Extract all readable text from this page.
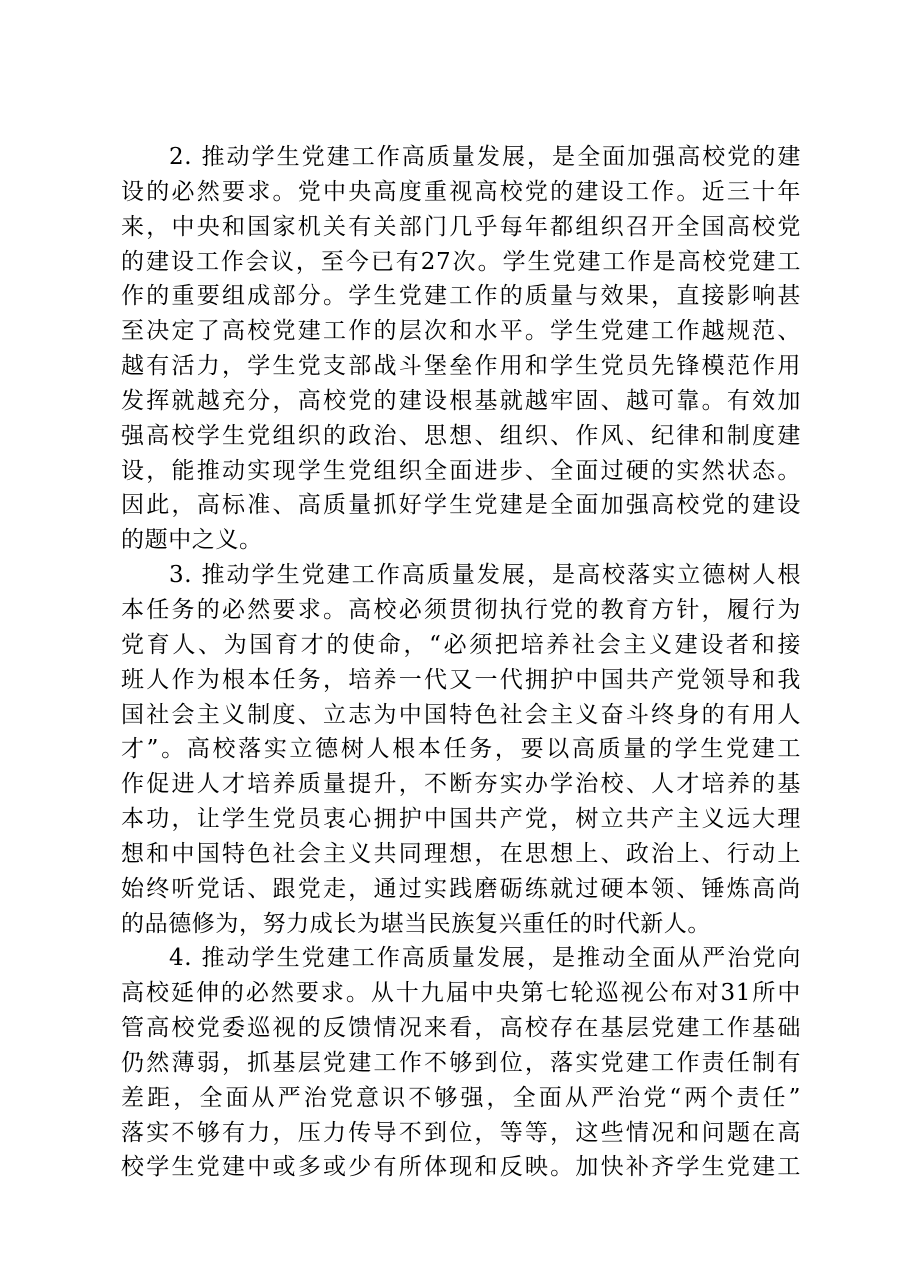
2. 推动学生党建工作高质量发展，是全面加强高校党的建
设的必然要求。党中央高度重视高校党的建设工作。近三十年
来，中央和国家机关有关部门几乎每年都组织召开全国高校党
的建设工作会议，至今已有27次。学生党建工作是高校党建工
作的重要组成部分。学生党建工作的质量与效果，直接影响甚
至决定了高校党建工作的层次和水平。学生党建工作越规范、
越有活力，学生党支部战斗堡垒作用和学生党员先锋模范作用
发挥就越充分，高校党的建设根基就越牢固、越可靠。有效加
强高校学生党组织的政治、思想、组织、作风、纪律和制度建
设，能推动实现学生党组织全面进步、全面过硬的实然状态。
因此，高标准、高质量抓好学生党建是全面加强高校党的建设
的题中之义。
3. 推动学生党建工作高质量发展，是高校落实立德树人根
本任务的必然要求。高校必须贯彻执行党的教育方针，履行为
党育人、为国育才的使命，“必须把培养社会主义建设者和接
班人作为根本任务，培养一代又一代拥护中国共产党领导和我
国社会主义制度、立志为中国特色社会主义奋斗终身的有用人
才”。高校落实立德树人根本任务，要以高质量的学生党建工
作促进人才培养质量提升，不断夯实办学治校、人才培养的基
本功，让学生党员衷心拥护中国共产党，树立共产主义远大理
想和中国特色社会主义共同理想，在思想上、政治上、行动上
始终听党话、跟党走，通过实践磨砺练就过硬本领、锤炼高尚
的品德修为，努力成长为堪当民族复兴重任的时代新人。
4. 推动学生党建工作高质量发展，是推动全面从严治党向
高校延伸的必然要求。从十九届中央第七轮巡视公布对31所中
管高校党委巡视的反馈情况来看，高校存在基层党建工作基础
仍然薄弱，抓基层党建工作不够到位，落实党建工作责任制有
差距，全面从严治党意识不够强，全面从严治党“两个责任”
落实不够有力，压力传导不到位，等等，这些情况和问题在高
校学生党建中或多或少有所体现和反映。加快补齐学生党建工
